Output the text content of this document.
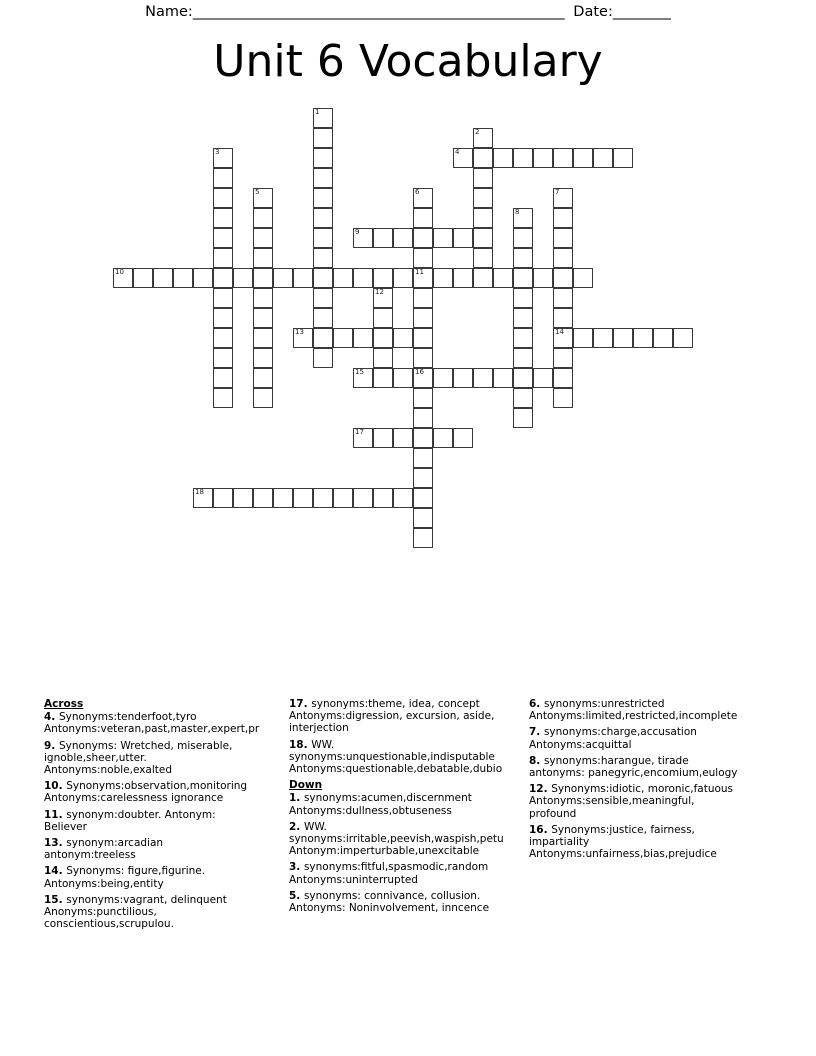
Name: _______________________________________________________
Date: ________
Unit 6 Vocabulary
1
2
3	4
5	6
11
16
7
14
8
9
10
12
13
15
17
18
Across
4. Synonyms:tenderfoot,tyro
Antonyms:veteran,past,master,expert,pr
9. Synonyms: Wretched, miserable,
ignoble,sheer,utter.
Antonyms:noble,exalted
10. Synonyms:observation,monitoring
Antonyms:carelessness ignorance
11. synonym:doubter. Antonym:
Believer
13. synonym:arcadian
antonym:treeless
14. Synonyms: figure,figurine.
Antonyms:being,entity
15. synonyms:vagrant, delinquent
Anonyms:punctilious,
conscientious,scrupulou.
17. synonyms:theme, idea, concept
Antonyms:digression, excursion, aside,
interjection
18. WW.
synonyms:unquestionable,indisputable
Antonyms:questionable,debatable,dubio
Down
1. synonyms:acumen,discernment
Antonyms:dullness,obtuseness
2. WW.
synonyms:irritable,peevish,waspish,petu
Antonym:imperturbable,unexcitable
3. synonyms:fitful,spasmodic,random
Antonyms:uninterrupted
5. synonyms: connivance, collusion.
Antonyms: Noninvolvement, inncence
6. synonyms:unrestricted
Antonyms:limited,restricted,incomplete
7. synonyms:charge,accusation
Antonyms:acquittal
8. synonyms:harangue, tirade
antonyms: panegyric,encomium,eulogy
12. Synonyms:idiotic, moronic,fatuous
Antonyms:sensible,meaningful,
profound
16. Synonyms:justice, fairness,
impartiality
Antonyms:unfairness,bias,prejudice
